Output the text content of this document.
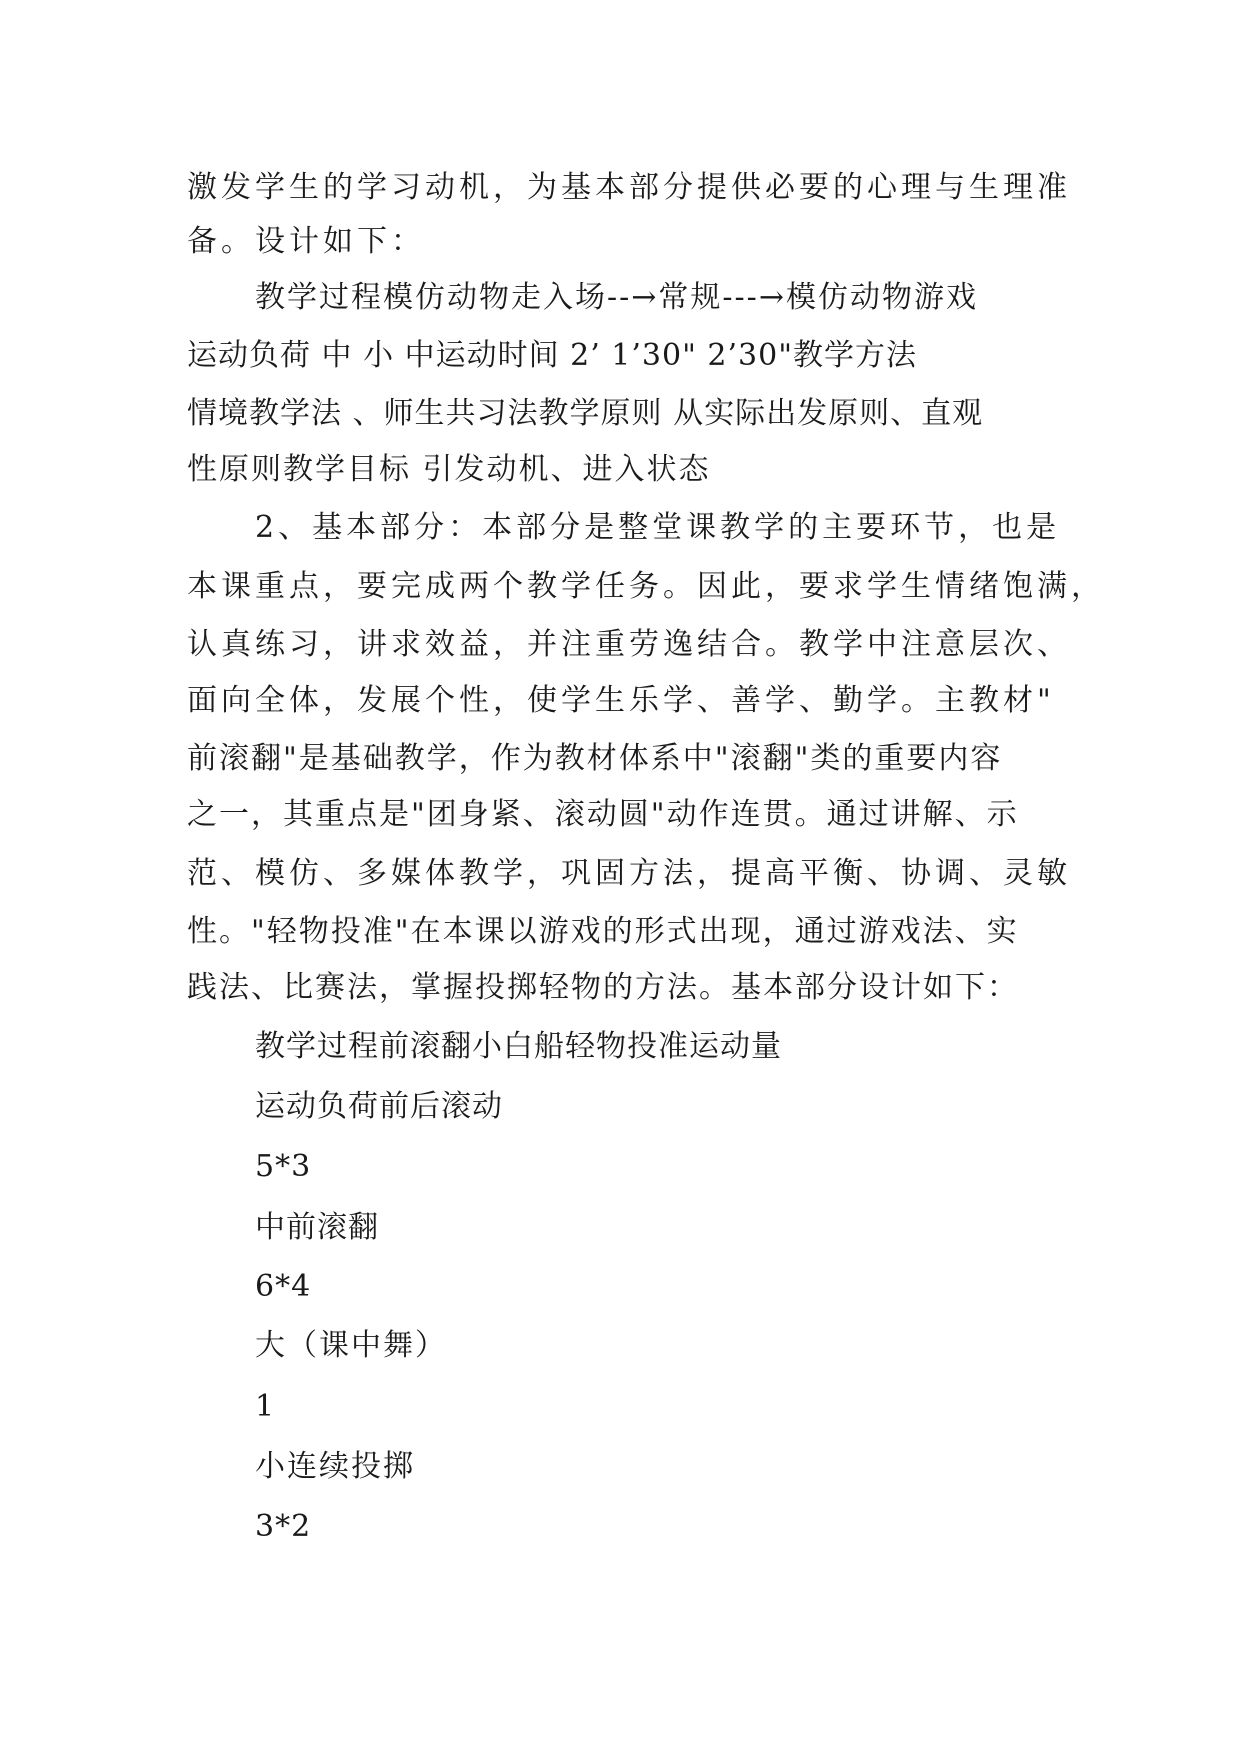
激发学生的学习动机，为基本部分提供必要的心理与生理准
备。设计如下：
教学过程模仿动物走入场--→常规---→模仿动物游戏
运动负荷 中 小 中运动时间 2’ 1’30" 2’30"教学方法
情境教学法 、师生共习法教学原则 从实际出发原则、直观
性原则教学目标 引发动机、进入状态
2、基本部分：本部分是整堂课教学的主要环节，也是
本课重点，要完成两个教学任务。因此，要求学生情绪饱满，
认真练习，讲求效益，并注重劳逸结合。教学中注意层次、
面向全体，发展个性，使学生乐学、善学、勤学。主教材"
前滚翻"是基础教学，作为教材体系中"滚翻"类的重要内容
之一，其重点是"团身紧、滚动圆"动作连贯。通过讲解、示
范、模仿、多媒体教学，巩固方法，提高平衡、协调、灵敏
性。"轻物投准"在本课以游戏的形式出现，通过游戏法、实
践法、比赛法，掌握投掷轻物的方法。基本部分设计如下：
教学过程前滚翻小白船轻物投准运动量
运动负荷前后滚动
5*3
中前滚翻
6*4
大（课中舞）
1
小连续投掷
3*2
